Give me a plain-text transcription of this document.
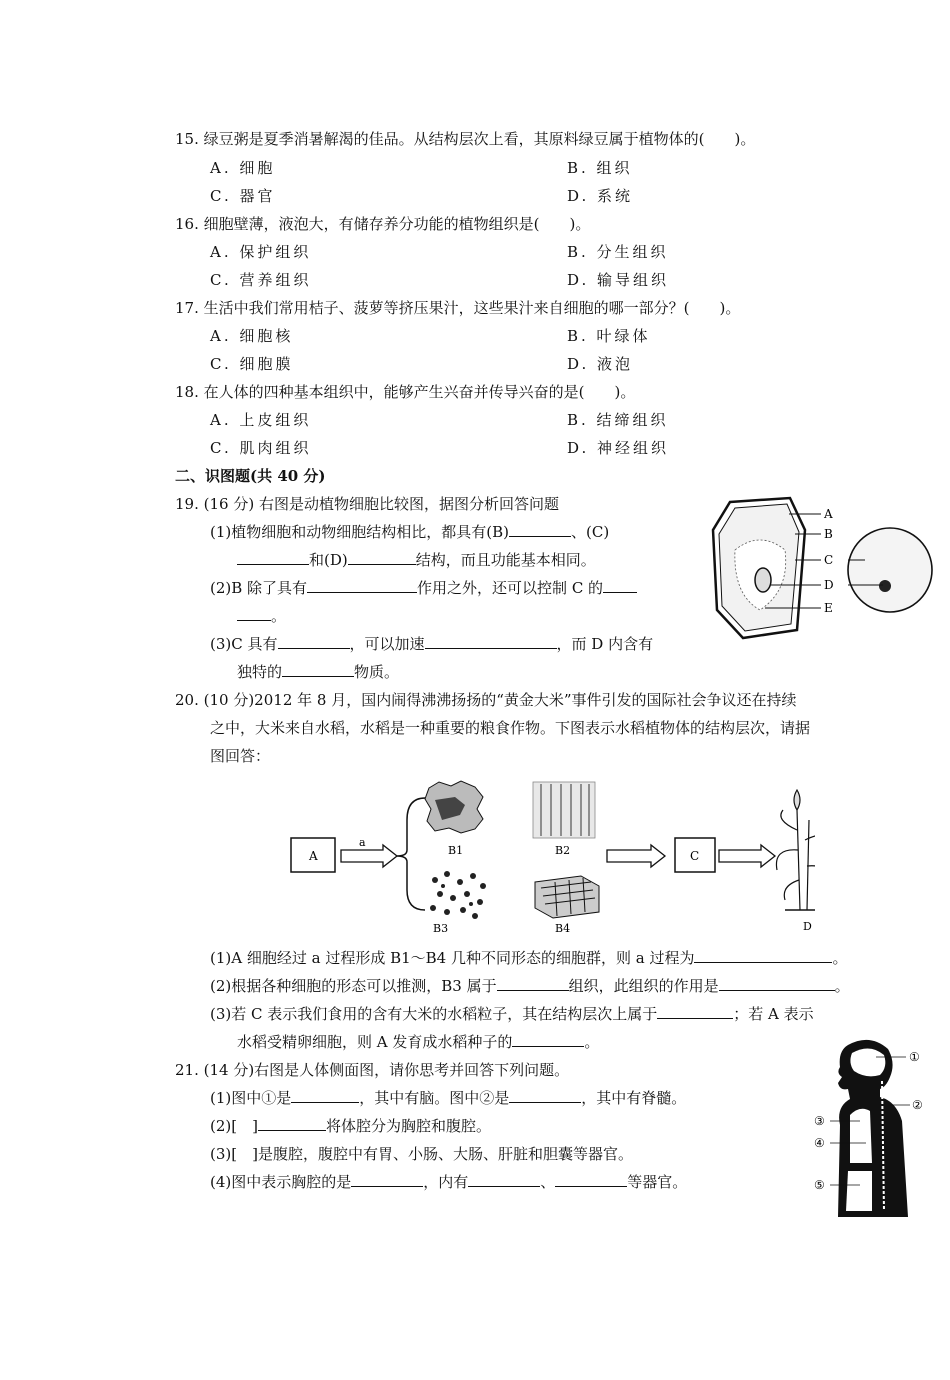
15. 绿豆粥是夏季消暑解渴的佳品。从结构层次上看，其原料绿豆属于植物体的(　　)。
A. 细胞	B. 组织
C. 器官	D. 系统
16. 细胞壁薄，液泡大，有储存养分功能的植物组织是(　　)。
A. 保护组织	B. 分生组织
C. 营养组织	D. 输导组织
17. 生活中我们常用桔子、菠萝等挤压果汁，这些果汁来自细胞的哪一部分？(　　)。
A. 细胞核	B. 叶绿体
C. 细胞膜	D. 液泡
18. 在人体的四种基本组织中，能够产生兴奋并传导兴奋的是(　　)。
A. 上皮组织	B. 结缔组织
C. 肌肉组织	D. 神经组织
二、识图题(共 40 分)
19. (16 分) 右图是动植物细胞比较图，据图分析回答问题
(1)植物细胞和动物细胞结构相比，都具有(B)	、(C)
和(D)	结构，而且功能基本相同。
(2)B 除了具有	作用之外，还可以控制 C 的
。
(3)C 具有	，可以加速	，而 D 内含有
独特的	物质。
A
B
C
D
E
20. (10 分)2012 年 8 月，国内闹得沸沸扬扬的“黄金大米”事件引发的国际社会争议还在持续
之中，大米来自水稻，水稻是一种重要的粮食作物。下图表示水稻植物体的结构层次，请据
图回答：
A
a
B1	B2
B3	B4
C
D
(1)A 细胞经过 a 过程形成 B1～B4 几种不同形态的细胞群，则 a 过程为	。
(2)根据各种细胞的形态可以推测，B3 属于	组织，此组织的作用是	。
(3)若 C 表示我们食用的含有大米的水稻粒子，其在结构层次上属于	；若 A 表示
水稻受精卵细胞，则 A 发育成水稻种子的	。
21. (14 分)右图是人体侧面图，请你思考并回答下列问题。
(1)图中①是	，其中有脑。图中②是	，其中有脊髓。
(2)[　]	将体腔分为胸腔和腹腔。
(3)[　]是腹腔，腹腔中有胃、小肠、大肠、肝脏和胆囊等器官。
(4)图中表示胸腔的是	，内有	、	等器官。
①
②
③
④
⑤
